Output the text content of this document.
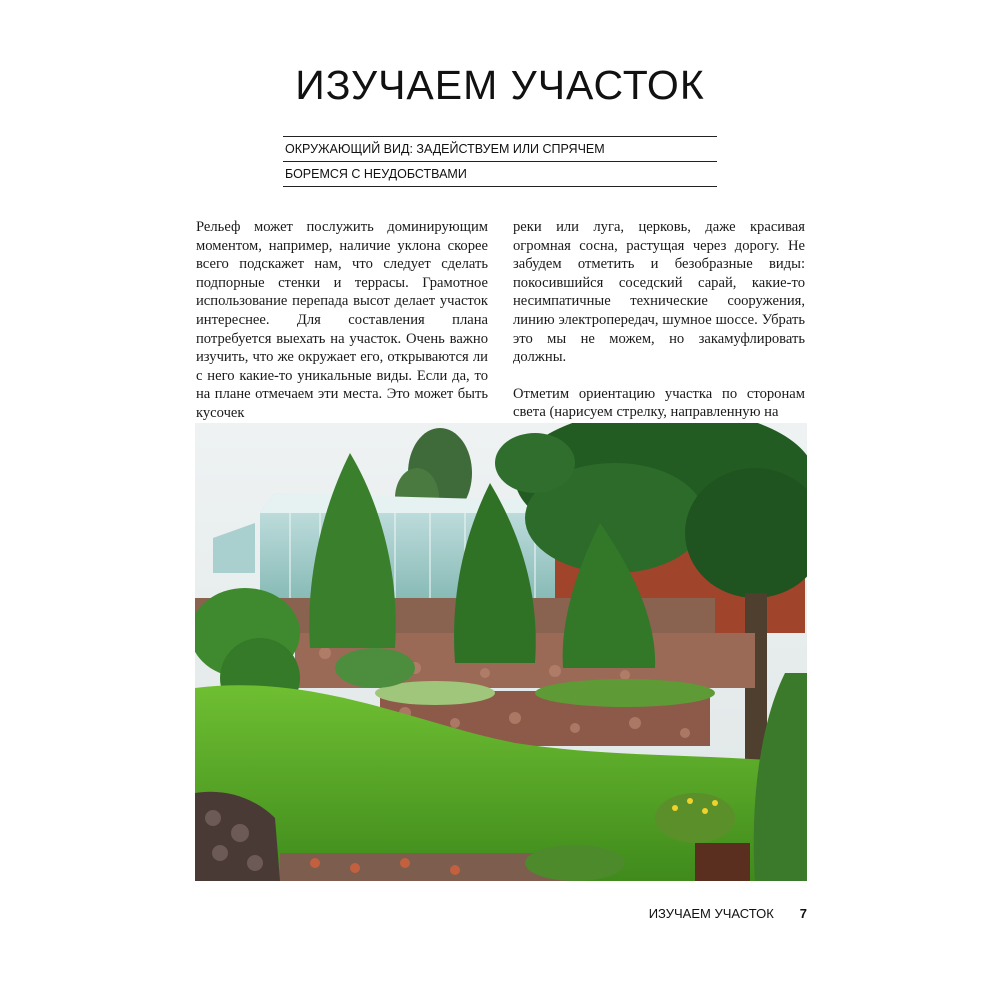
ИЗУЧАЕМ УЧАСТОК
ОКРУЖАЮЩИЙ ВИД: ЗАДЕЙСТВУЕМ ИЛИ СПРЯЧЕМ
БОРЕМСЯ С НЕУДОБСТВАМИ

Рельеф может послужить доминирующим моментом, например, наличие уклона скорее всего подскажет нам, что следует сделать подпорные стенки и террасы. Грамотное использование перепада высот делает участок интереснее. Для составления плана потребуется выехать на участок. Очень важно изучить, что же окружает его, открываются ли с него какие-то уникальные виды. Если да, то на плане отмечаем эти места. Это может быть кусочек

реки или луга, церковь, даже красивая огромная сосна, растущая через дорогу. Не забудем отметить и безобразные виды: покосившийся соседский сарай, какие-то несимпатичные технические сооружения, линию электропередач, шумное шоссе. Убрать это мы не можем, но закамуфлировать должны.

Отметим ориентацию участка по сторонам света (нарисуем стрелку, направленную на

ИЗУЧАЕМ УЧАСТОК 7
